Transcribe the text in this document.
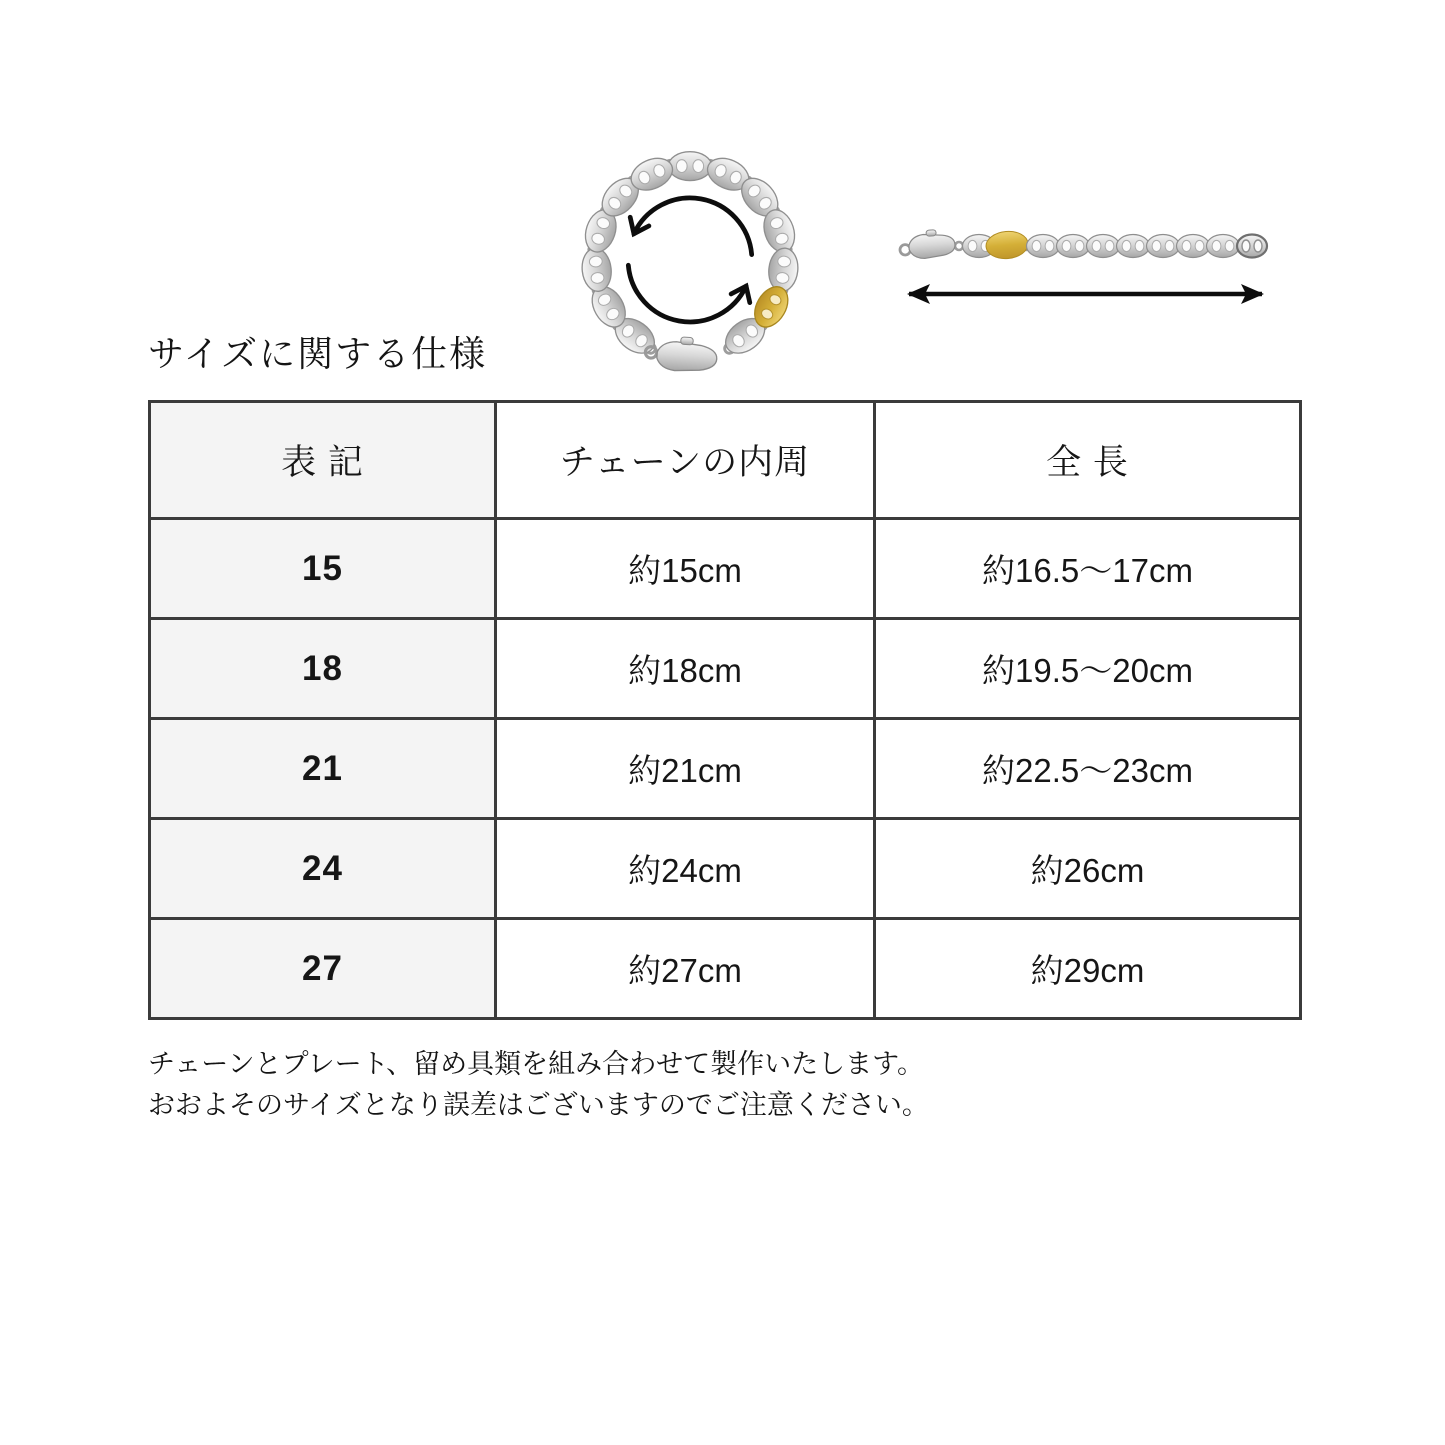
サイズに関する仕様
表 記	チェーンの内周	全 長
15	約15cm	約16.5〜17cm
18	約18cm	約19.5〜20cm
21	約21cm	約22.5〜23cm
24	約24cm	約26cm
27	約27cm	約29cm
チェーンとプレート、留め具類を組み合わせて製作いたします。
おおよそのサイズとなり誤差はございますのでご注意ください。
